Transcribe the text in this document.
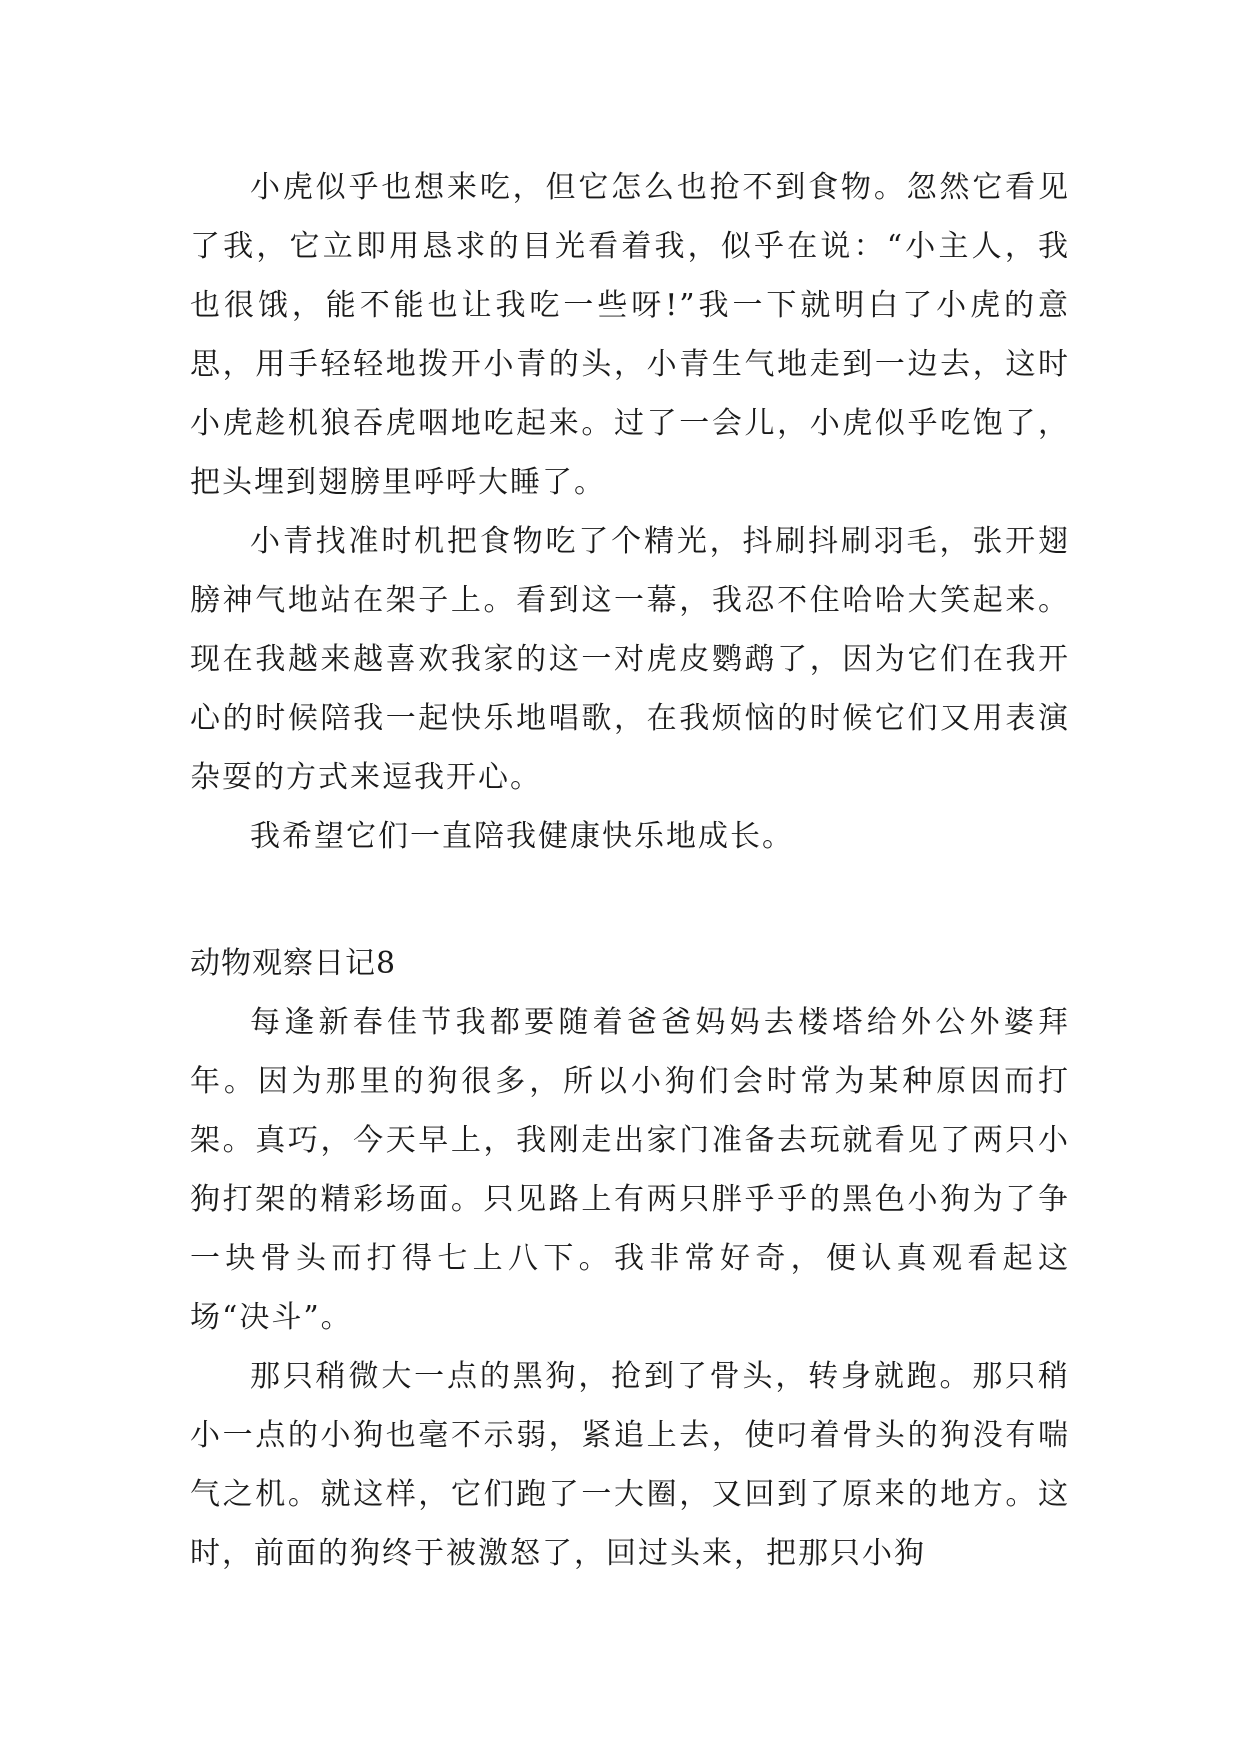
小虎似乎也想来吃，但它怎么也抢不到食物。忽然它看见了我，它立即用恳求的目光看着我，似乎在说：“小主人，我也很饿，能不能也让我吃一些呀!”我一下就明白了小虎的意思，用手轻轻地拨开小青的头，小青生气地走到一边去，这时小虎趁机狼吞虎咽地吃起来。过了一会儿，小虎似乎吃饱了，把头埋到翅膀里呼呼大睡了。

小青找准时机把食物吃了个精光，抖刷抖刷羽毛，张开翅膀神气地站在架子上。看到这一幕，我忍不住哈哈大笑起来。现在我越来越喜欢我家的这一对虎皮鹦鹉了，因为它们在我开心的时候陪我一起快乐地唱歌，在我烦恼的时候它们又用表演杂耍的方式来逗我开心。

我希望它们一直陪我健康快乐地成长。

动物观察日记8

每逢新春佳节我都要随着爸爸妈妈去楼塔给外公外婆拜年。因为那里的狗很多，所以小狗们会时常为某种原因而打架。真巧，今天早上，我刚走出家门准备去玩就看见了两只小狗打架的精彩场面。只见路上有两只胖乎乎的黑色小狗为了争一块骨头而打得七上八下。我非常好奇，便认真观看起这场“决斗”。

那只稍微大一点的黑狗，抢到了骨头，转身就跑。那只稍小一点的小狗也毫不示弱，紧追上去，使叼着骨头的狗没有喘气之机。就这样，它们跑了一大圈，又回到了原来的地方。这时，前面的狗终于被激怒了，回过头来，把那只小狗
